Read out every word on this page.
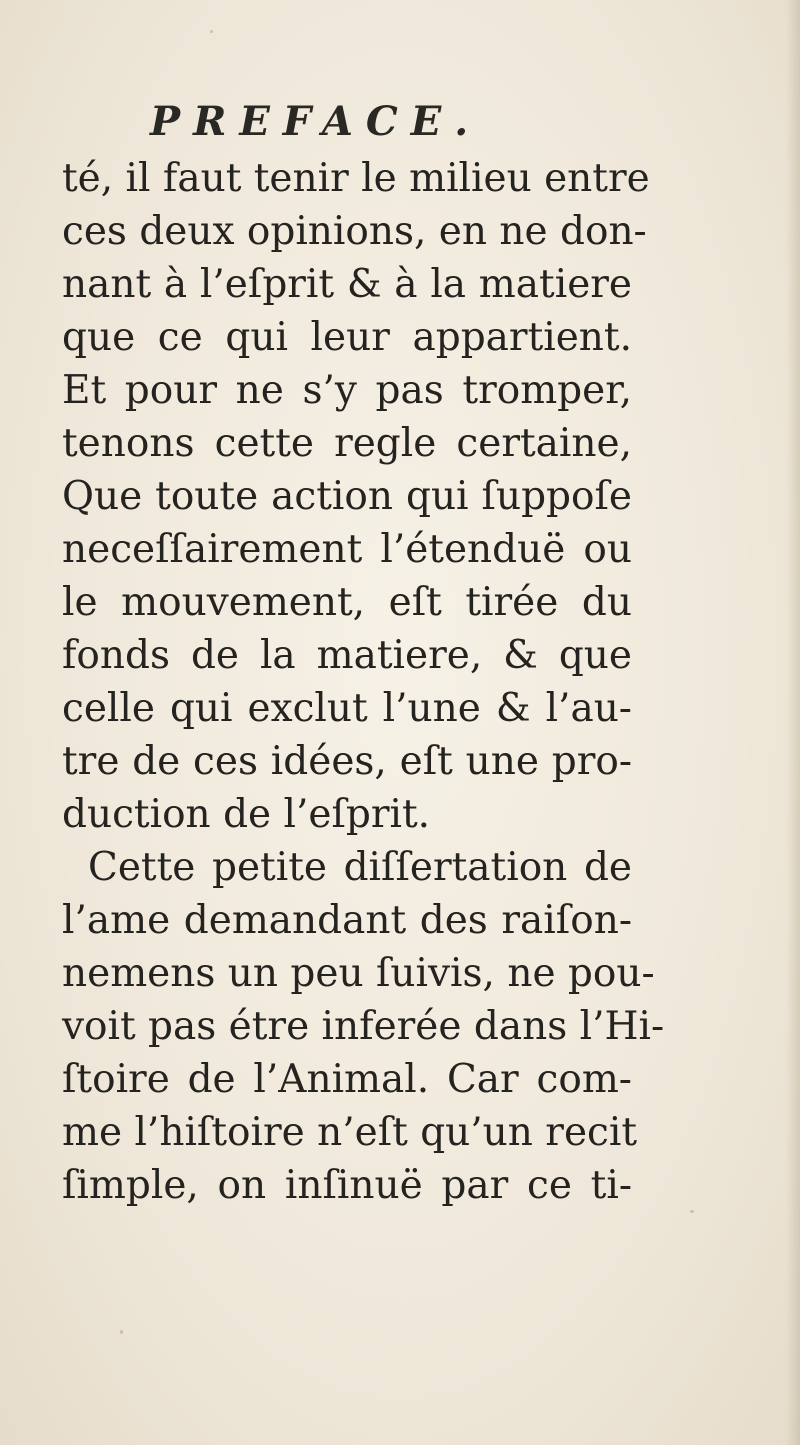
PREFACE.
té, il faut tenir le milieu entre
ces deux opinions, en ne don-
nant à l’eſprit & à la matiere
que ce qui leur appartient.
Et pour ne s’y pas tromper,
tenons cette regle certaine,
Que toute action qui ſuppoſe
neceſſairement l’étenduë ou
le mouvement, eſt tirée du
fonds de la matiere, & que
celle qui exclut l’une & l’au-
tre de ces idées, eſt une pro-
duction de l’eſprit.
Cette petite diſſertation de
l’ame demandant des raiſon-
nemens un peu ſuivis, ne pou-
voit pas étre inferée dans l’Hi-
ſtoire de l’Animal. Car com-
me l’hiſtoire n’eſt qu’un recit
ſimple, on inſinuë par ce ti-
